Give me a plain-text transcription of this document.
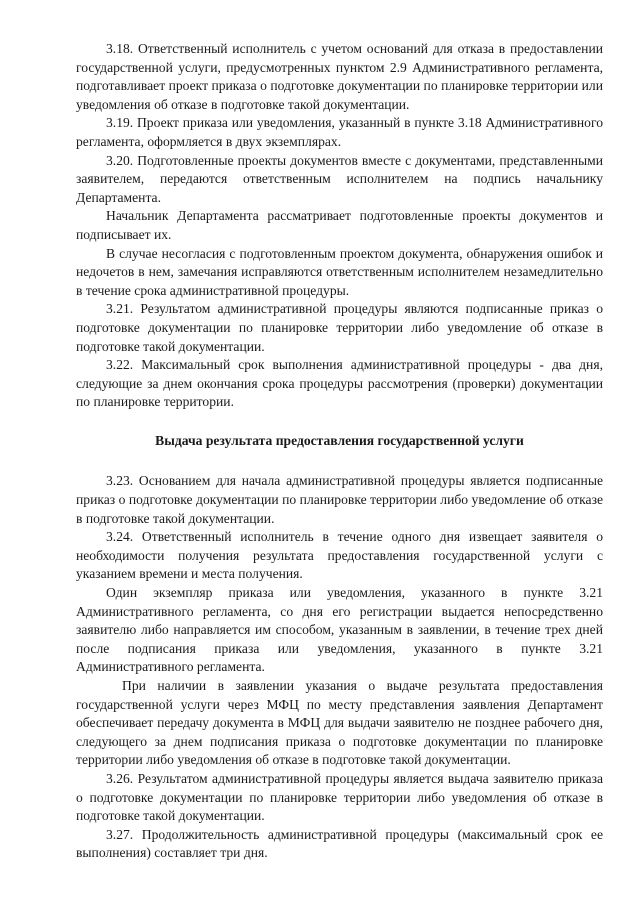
3.18. Ответственный исполнитель с учетом оснований для отказа в предоставлении государственной услуги, предусмотренных пунктом 2.9 Административного регламента, подготавливает проект приказа о подготовке документации по планировке территории или уведомления об отказе в подготовке такой документации.

3.19. Проект приказа или уведомления, указанный в пункте 3.18 Административного регламента, оформляется в двух экземплярах.

3.20. Подготовленные проекты документов вместе с документами, представленными заявителем, передаются ответственным исполнителем на подпись начальнику Департамента.

Начальник Департамента рассматривает подготовленные проекты документов и подписывает их.

В случае несогласия с подготовленным проектом документа, обнаружения ошибок и недочетов в нем, замечания исправляются ответственным исполнителем незамедлительно в течение срока административной процедуры.

3.21. Результатом административной процедуры являются подписанные приказ о подготовке документации по планировке территории либо уведомление об отказе в подготовке такой документации.

3.22. Максимальный срок выполнения административной процедуры - два дня, следующие за днем окончания срока процедуры рассмотрения (проверки) документации по планировке территории.

Выдача результата предоставления государственной услуги

3.23. Основанием для начала административной процедуры является подписанные приказ о подготовке документации по планировке территории либо уведомление об отказе в подготовке такой документации.

3.24. Ответственный исполнитель в течение одного дня извещает заявителя о необходимости получения результата предоставления государственной услуги с указанием времени и места получения.

Один экземпляр приказа или уведомления, указанного в пункте 3.21 Административного регламента, со дня его регистрации выдается непосредственно заявителю либо направляется им способом, указанным в заявлении, в течение трех дней после подписания приказа или уведомления, указанного в пункте 3.21 Административного регламента.

При наличии в заявлении указания о выдаче результата предоставления государственной услуги через МФЦ по месту представления заявления Департамент обеспечивает передачу документа в МФЦ для выдачи заявителю не позднее рабочего дня, следующего за днем подписания приказа о подготовке документации по планировке территории либо уведомления об отказе в подготовке такой документации.

3.26. Результатом административной процедуры является выдача заявителю приказа о подготовке документации по планировке территории либо уведомления об отказе в подготовке такой документации.

3.27. Продолжительность административной процедуры (максимальный срок ее выполнения) составляет три дня.
